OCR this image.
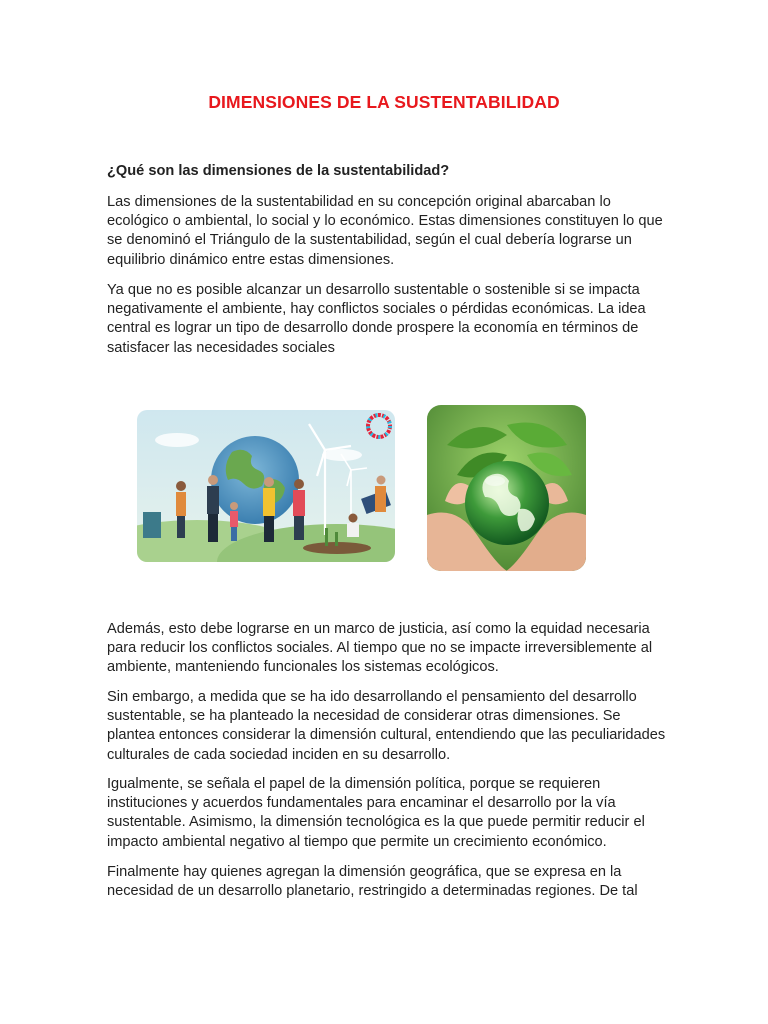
DIMENSIONES DE LA SUSTENTABILIDAD

¿Qué son las dimensiones de la sustentabilidad?

Las dimensiones de la sustentabilidad en su concepción original abarcaban lo ecológico o ambiental, lo social y lo económico. Estas dimensiones constituyen lo que se denominó el Triángulo de la sustentabilidad, según el cual debería lograrse un equilibrio dinámico entre estas dimensiones.

Ya que no es posible alcanzar un desarrollo sustentable o sostenible si se impacta negativamente el ambiente, hay conflictos sociales o pérdidas económicas. La idea central es lograr un tipo de desarrollo donde prospere la economía en términos de satisfacer las necesidades sociales

Además, esto debe lograrse en un marco de justicia, así como la equidad necesaria para reducir los conflictos sociales. Al tiempo que no se impacte irreversiblemente al ambiente, manteniendo funcionales los sistemas ecológicos.

Sin embargo, a medida que se ha ido desarrollando el pensamiento del desarrollo sustentable, se ha planteado la necesidad de considerar otras dimensiones. Se plantea entonces considerar la dimensión cultural, entendiendo que las peculiaridades culturales de cada sociedad inciden en su desarrollo.

Igualmente, se señala el papel de la dimensión política, porque se requieren instituciones y acuerdos fundamentales para encaminar el desarrollo por la vía sustentable. Asimismo, la dimensión tecnológica es la que puede permitir reducir el impacto ambiental negativo al tiempo que permite un crecimiento económico.

Finalmente hay quienes agregan la dimensión geográfica, que se expresa en la necesidad de un desarrollo planetario, restringido a determinadas regiones. De tal
